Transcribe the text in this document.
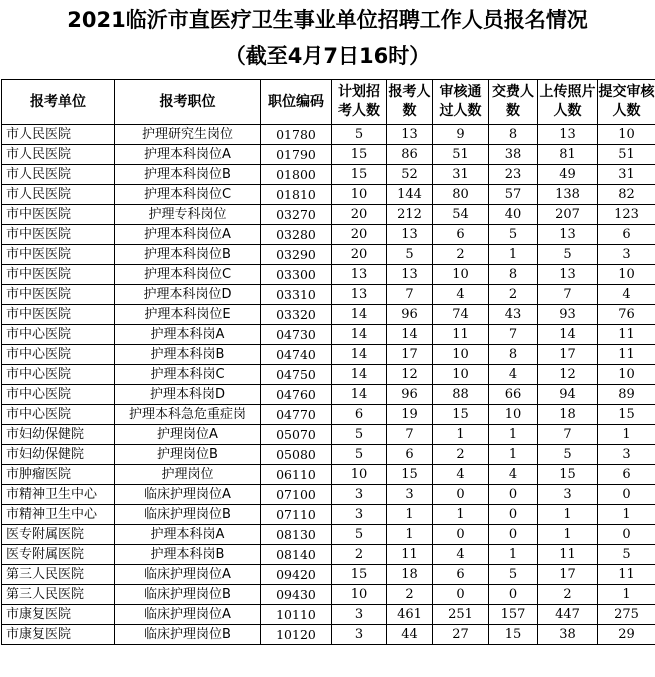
2021临沂市直医疗卫生事业单位招聘工作人员报名情况
（截至4月7日16时）
报考单位	报考职位	职位编码	计划招考人数	报考人数	审核通过人数	交费人数	上传照片人数	提交审核人数
市人民医院	护理研究生岗位	01780	5	13	9	8	13	10
市人民医院	护理本科岗位A	01790	15	86	51	38	81	51
市人民医院	护理本科岗位B	01800	15	52	31	23	49	31
市人民医院	护理本科岗位C	01810	10	144	80	57	138	82
市中医医院	护理专科岗位	03270	20	212	54	40	207	123
市中医医院	护理本科岗位A	03280	20	13	6	5	13	6
市中医医院	护理本科岗位B	03290	20	5	2	1	5	3
市中医医院	护理本科岗位C	03300	13	13	10	8	13	10
市中医医院	护理本科岗位D	03310	13	7	4	2	7	4
市中医医院	护理本科岗位E	03320	14	96	74	43	93	76
市中心医院	护理本科岗A	04730	14	14	11	7	14	11
市中心医院	护理本科岗B	04740	14	17	10	8	17	11
市中心医院	护理本科岗C	04750	14	12	10	4	12	10
市中心医院	护理本科岗D	04760	14	96	88	66	94	89
市中心医院	护理本科急危重症岗	04770	6	19	15	10	18	15
市妇幼保健院	护理岗位A	05070	5	7	1	1	7	1
市妇幼保健院	护理岗位B	05080	5	6	2	1	5	3
市肿瘤医院	护理岗位	06110	10	15	4	4	15	6
市精神卫生中心	临床护理岗位A	07100	3	3	0	0	3	0
市精神卫生中心	临床护理岗位B	07110	3	1	1	0	1	1
医专附属医院	护理本科岗A	08130	5	1	0	0	1	0
医专附属医院	护理本科岗B	08140	2	11	4	1	11	5
第三人民医院	临床护理岗位A	09420	15	18	6	5	17	11
第三人民医院	临床护理岗位B	09430	10	2	0	0	2	1
市康复医院	临床护理岗位A	10110	3	461	251	157	447	275
市康复医院	临床护理岗位B	10120	3	44	27	15	38	29
